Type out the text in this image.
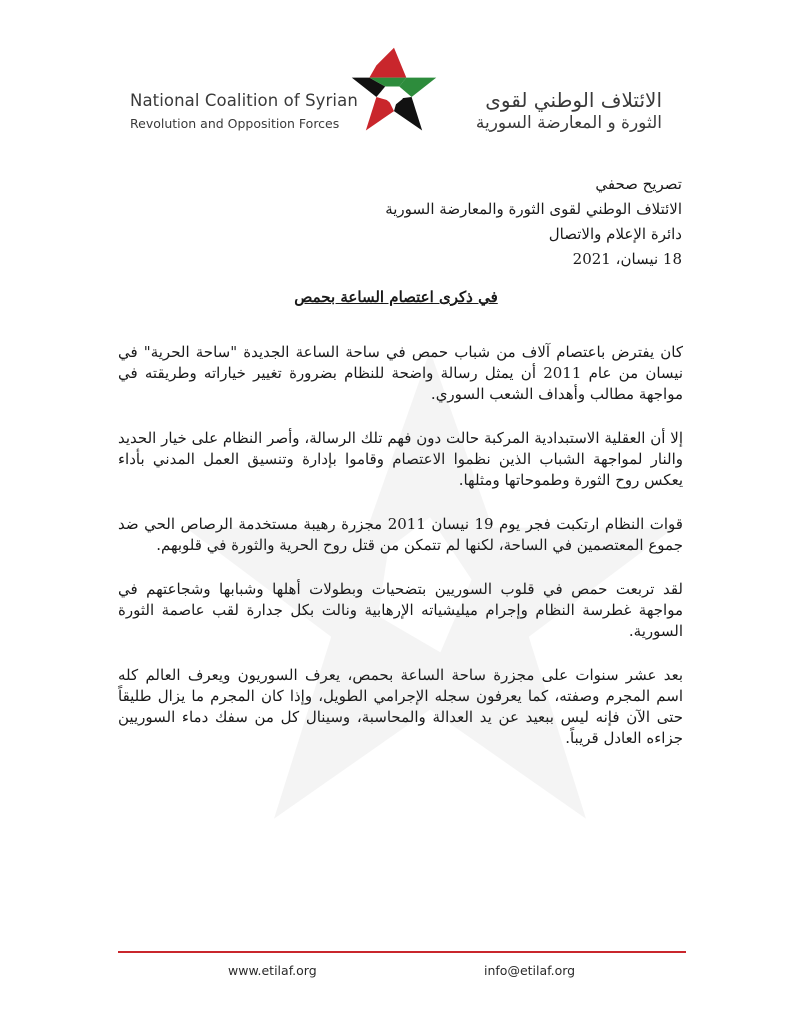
National Coalition of Syrian
Revolution and Opposition Forces
الائتلاف الوطني لقوى
الثورة و المعارضة السورية
تصريح صحفي
الائتلاف الوطني لقوى الثورة والمعارضة السورية
دائرة الإعلام والاتصال
18 نيسان، 2021
في ذكرى اعتصام الساعة بحمص

كان يفترض باعتصام آلاف من شباب حمص في ساحة الساعة الجديدة "ساحة الحرية" في نيسان من عام 2011 أن يمثل رسالة واضحة للنظام بضرورة تغيير خياراته وطريقته في مواجهة مطالب وأهداف الشعب السوري.

إلا أن العقلية الاستبدادية المركبة حالت دون فهم تلك الرسالة، وأصر النظام على خيار الحديد والنار لمواجهة الشباب الذين نظموا الاعتصام وقاموا بإدارة وتنسيق العمل المدني بأداء يعكس روح الثورة وطموحاتها ومثلها.

قوات النظام ارتكبت فجر يوم 19 نيسان 2011 مجزرة رهيبة مستخدمة الرصاص الحي ضد جموع المعتصمين في الساحة، لكنها لم تتمكن من قتل روح الحرية والثورة في قلوبهم.

لقد تربعت حمص في قلوب السوريين بتضحيات وبطولات أهلها وشبابها وشجاعتهم في مواجهة غطرسة النظام وإجرام ميليشياته الإرهابية ونالت بكل جدارة لقب عاصمة الثورة السورية.

بعد عشر سنوات على مجزرة ساحة الساعة بحمص، يعرف السوريون ويعرف العالم كله اسم المجرم وصفته، كما يعرفون سجله الإجرامي الطويل، وإذا كان المجرم ما يزال طليقاً حتى الآن فإنه ليس ببعيد عن يد العدالة والمحاسبة، وسينال كل من سفك دماء السوريين جزاءه العادل قريباً.

www.etilaf.org	info@etilaf.org
